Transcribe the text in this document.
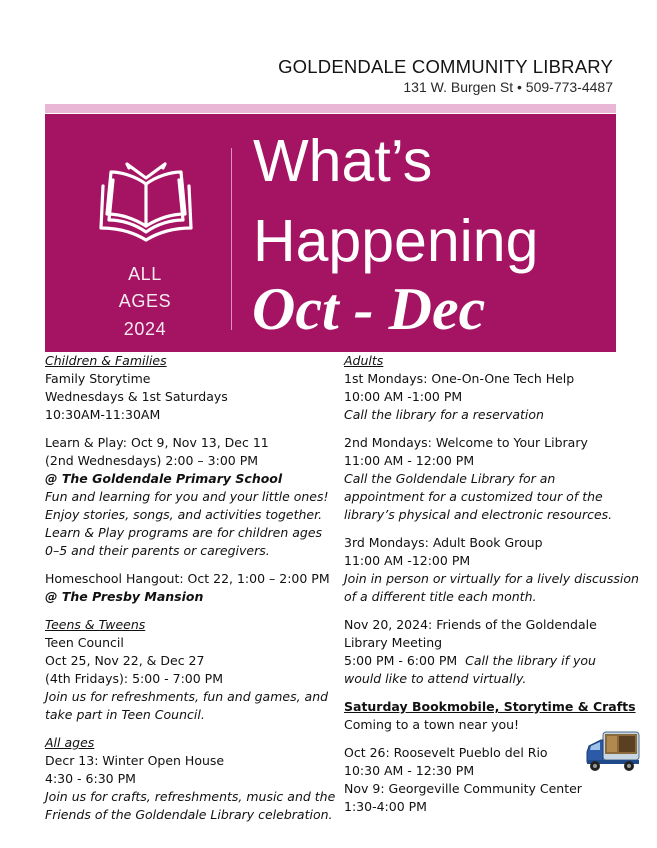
GOLDENDALE COMMUNITY LIBRARY
131 W. Burgen St • 509-773-4487
ALL
AGES
2024
What’s
Happening
Oct - Dec

Children & Families

Family Storytime

Wednesdays & 1st Saturdays

10:30AM-11:30AM

Learn & Play: Oct 9, Nov 13, Dec 11

(2nd Wednesdays) 2:00 – 3:00 PM

@ The Goldendale Primary School

Fun and learning for you and your little ones!

Enjoy stories, songs, and activities together.

Learn & Play programs are for children ages

0–5 and their parents or caregivers.

Homeschool Hangout: Oct 22, 1:00 – 2:00 PM

@ The Presby Mansion

Teens & Tweens

Teen Council

Oct 25, Nov 22, & Dec 27

(4th Fridays): 5:00 - 7:00 PM

Join us for refreshments, fun and games, and

take part in Teen Council.

All ages

Decr 13: Winter Open House

4:30 - 6:30 PM

Join us for crafts, refreshments, music and the

Friends of the Goldendale Library celebration.

Adults

1st Mondays: One-On-One Tech Help

10:00 AM -1:00 PM

Call the library for a reservation

2nd Mondays: Welcome to Your Library

11:00 AM - 12:00 PM

Call the Goldendale Library for an

appointment for a customized tour of the

library’s physical and electronic resources.

3rd Mondays: Adult Book Group

11:00 AM -12:00 PM

Join in person or virtually for a lively discussion

of a different title each month.

Nov 20, 2024: Friends of the Goldendale

Library Meeting

5:00 PM - 6:00 PM Call the library if you

would like to attend virtually.

Saturday Bookmobile, Storytime & Crafts

Coming to a town near you!

Oct 26: Roosevelt Pueblo del Rio

10:30 AM - 12:30 PM

Nov 9: Georgeville Community Center

1:30-4:00 PM
